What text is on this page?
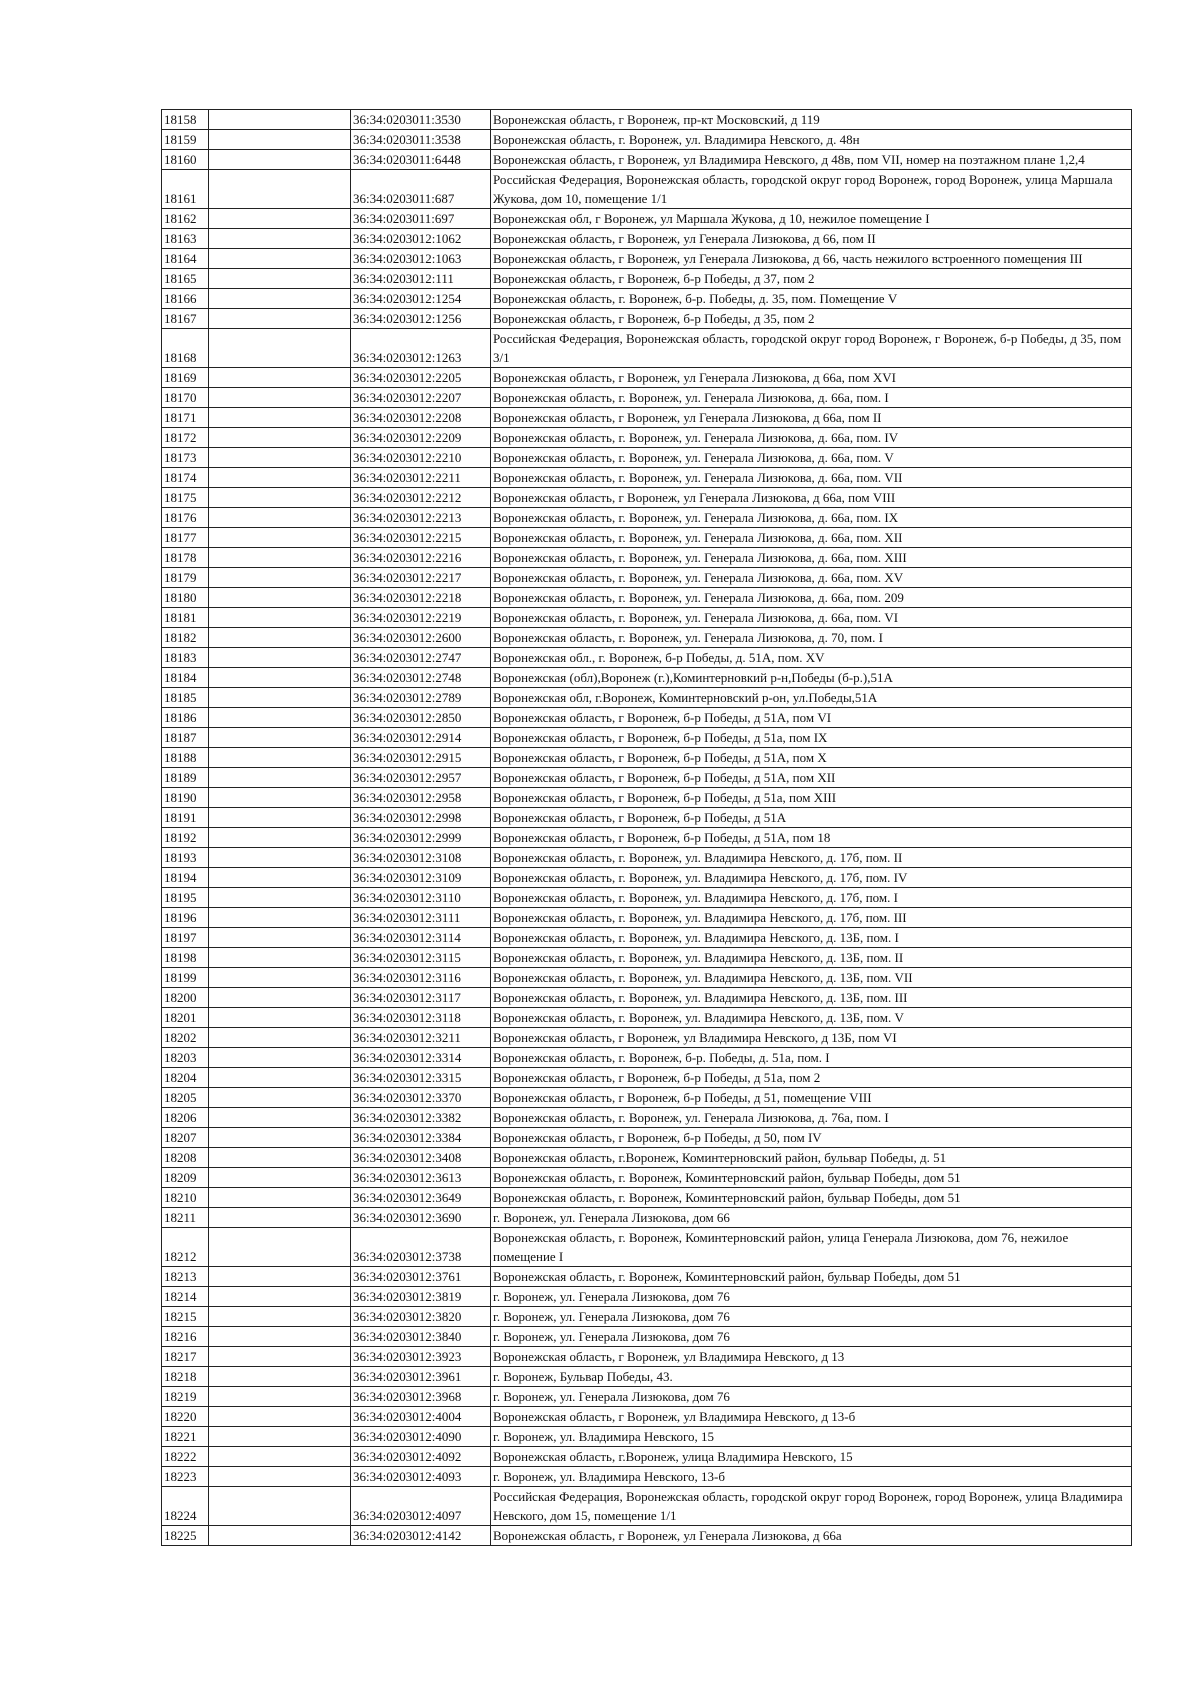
18158		36:34:0203011:3530	Воронежская область, г Воронеж, пр-кт Московский, д 119
18159		36:34:0203011:3538	Воронежская область, г. Воронеж, ул. Владимира Невского, д. 48н
18160		36:34:0203011:6448	Воронежская область, г Воронеж, ул Владимира Невского, д 48в, пом VII, номер на поэтажном плане 1,2,4
18161		36:34:0203011:687	Российская Федерация, Воронежская область, городской округ город Воронеж, город Воронеж, улица Маршала Жукова, дом 10, помещение 1/1
18162		36:34:0203011:697	Воронежская обл, г Воронеж, ул Маршала Жукова, д 10, нежилое помещение I
18163		36:34:0203012:1062	Воронежская область, г Воронеж, ул Генерала Лизюкова, д 66, пом II
18164		36:34:0203012:1063	Воронежская область, г Воронеж, ул Генерала Лизюкова, д 66, часть нежилого встроенного помещения III
18165		36:34:0203012:111	Воронежская область, г Воронеж, б-р Победы, д 37, пом 2
18166		36:34:0203012:1254	Воронежская область, г. Воронеж, б-р. Победы, д. 35, пом. Помещение V
18167		36:34:0203012:1256	Воронежская область, г Воронеж, б-р Победы, д 35, пом 2
18168		36:34:0203012:1263	Российская Федерация, Воронежская область, городской округ город Воронеж, г Воронеж, б-р Победы, д 35, пом 3/1
18169		36:34:0203012:2205	Воронежская область, г Воронеж, ул Генерала Лизюкова, д 66а, пом XVI
18170		36:34:0203012:2207	Воронежская область, г. Воронеж, ул. Генерала Лизюкова, д. 66а, пом. I
18171		36:34:0203012:2208	Воронежская область, г Воронеж, ул Генерала Лизюкова, д 66а, пом II
18172		36:34:0203012:2209	Воронежская область, г. Воронеж, ул. Генерала Лизюкова, д. 66а, пом. IV
18173		36:34:0203012:2210	Воронежская область, г. Воронеж, ул. Генерала Лизюкова, д. 66а, пом. V
18174		36:34:0203012:2211	Воронежская область, г. Воронеж, ул. Генерала Лизюкова, д. 66а, пом. VII
18175		36:34:0203012:2212	Воронежская область, г Воронеж, ул Генерала Лизюкова, д 66а, пом VIII
18176		36:34:0203012:2213	Воронежская область, г. Воронеж, ул. Генерала Лизюкова, д. 66а, пом. IX
18177		36:34:0203012:2215	Воронежская область, г. Воронеж, ул. Генерала Лизюкова, д. 66а, пом. XII
18178		36:34:0203012:2216	Воронежская область, г. Воронеж, ул. Генерала Лизюкова, д. 66а, пом. XIII
18179		36:34:0203012:2217	Воронежская область, г. Воронеж, ул. Генерала Лизюкова, д. 66а, пом. XV
18180		36:34:0203012:2218	Воронежская область, г. Воронеж, ул. Генерала Лизюкова, д. 66а, пом. 209
18181		36:34:0203012:2219	Воронежская область, г. Воронеж, ул. Генерала Лизюкова, д. 66а, пом. VI
18182		36:34:0203012:2600	Воронежская область, г. Воронеж, ул. Генерала Лизюкова, д. 70, пом. I
18183		36:34:0203012:2747	Воронежская обл., г. Воронеж, б-р Победы, д. 51А, пом. XV
18184		36:34:0203012:2748	Воронежская (обл),Воронеж (г.),Коминтерновкий р-н,Победы (б-р.),51А
18185		36:34:0203012:2789	Воронежская обл, г.Воронеж, Коминтерновский р-он, ул.Победы,51А
18186		36:34:0203012:2850	Воронежская область, г Воронеж, б-р Победы, д 51А, пом VI
18187		36:34:0203012:2914	Воронежская область, г Воронеж, б-р Победы, д 51а, пом IX
18188		36:34:0203012:2915	Воронежская область, г Воронеж, б-р Победы, д 51А, пом X
18189		36:34:0203012:2957	Воронежская область, г Воронеж, б-р Победы, д 51А, пом XII
18190		36:34:0203012:2958	Воронежская область, г Воронеж, б-р Победы, д 51а, пом XIII
18191		36:34:0203012:2998	Воронежская область, г Воронеж, б-р Победы, д 51А
18192		36:34:0203012:2999	Воронежская область, г Воронеж, б-р Победы, д 51А, пом 18
18193		36:34:0203012:3108	Воронежская область, г. Воронеж, ул. Владимира Невского, д. 17б, пом. II
18194		36:34:0203012:3109	Воронежская область, г. Воронеж, ул. Владимира Невского, д. 17б, пом. IV
18195		36:34:0203012:3110	Воронежская область, г. Воронеж, ул. Владимира Невского, д. 17б, пом. I
18196		36:34:0203012:3111	Воронежская область, г. Воронеж, ул. Владимира Невского, д. 17б, пом. III
18197		36:34:0203012:3114	Воронежская область, г. Воронеж, ул. Владимира Невского, д. 13Б, пом. I
18198		36:34:0203012:3115	Воронежская область, г. Воронеж, ул. Владимира Невского, д. 13Б, пом. II
18199		36:34:0203012:3116	Воронежская область, г. Воронеж, ул. Владимира Невского, д. 13Б, пом. VII
18200		36:34:0203012:3117	Воронежская область, г. Воронеж, ул. Владимира Невского, д. 13Б, пом. III
18201		36:34:0203012:3118	Воронежская область, г. Воронеж, ул. Владимира Невского, д. 13Б, пом. V
18202		36:34:0203012:3211	Воронежская область, г Воронеж, ул Владимира Невского, д 13Б, пом VI
18203		36:34:0203012:3314	Воронежская область, г. Воронеж, б-р. Победы, д. 51а, пом. I
18204		36:34:0203012:3315	Воронежская область, г Воронеж, б-р Победы, д 51а, пом 2
18205		36:34:0203012:3370	Воронежская область, г Воронеж, б-р Победы, д 51, помещение VIII
18206		36:34:0203012:3382	Воронежская область, г. Воронеж, ул. Генерала Лизюкова, д. 76а, пом. I
18207		36:34:0203012:3384	Воронежская область, г Воронеж, б-р Победы, д 50, пом IV
18208		36:34:0203012:3408	Воронежская область, г.Воронеж, Коминтерновский район, бульвар Победы, д. 51
18209		36:34:0203012:3613	Воронежская область, г. Воронеж, Коминтерновский район, бульвар Победы, дом 51
18210		36:34:0203012:3649	Воронежская область, г. Воронеж, Коминтерновский район, бульвар Победы, дом 51
18211		36:34:0203012:3690	г. Воронеж, ул. Генерала Лизюкова, дом 66
18212		36:34:0203012:3738	Воронежская область, г. Воронеж, Коминтерновский район, улица Генерала Лизюкова, дом 76, нежилое помещение I
18213		36:34:0203012:3761	Воронежская область, г. Воронеж, Коминтерновский район, бульвар Победы, дом 51
18214		36:34:0203012:3819	г. Воронеж, ул. Генерала Лизюкова, дом 76
18215		36:34:0203012:3820	г. Воронеж, ул. Генерала Лизюкова, дом 76
18216		36:34:0203012:3840	г. Воронеж, ул. Генерала Лизюкова, дом 76
18217		36:34:0203012:3923	Воронежская область, г Воронеж, ул Владимира Невского, д 13
18218		36:34:0203012:3961	г. Воронеж, Бульвар Победы, 43.
18219		36:34:0203012:3968	г. Воронеж, ул. Генерала Лизюкова, дом 76
18220		36:34:0203012:4004	Воронежская область, г Воронеж, ул Владимира Невского, д 13-б
18221		36:34:0203012:4090	г. Воронеж, ул. Владимира Невского, 15
18222		36:34:0203012:4092	Воронежская область, г.Воронеж, улица Владимира Невского, 15
18223		36:34:0203012:4093	г. Воронеж, ул. Владимира Невского, 13-б
18224		36:34:0203012:4097	Российская Федерация, Воронежская область, городской округ город Воронеж, город Воронеж, улица Владимира Невского, дом 15, помещение 1/1
18225		36:34:0203012:4142	Воронежская область, г Воронеж, ул Генерала Лизюкова, д 66а
